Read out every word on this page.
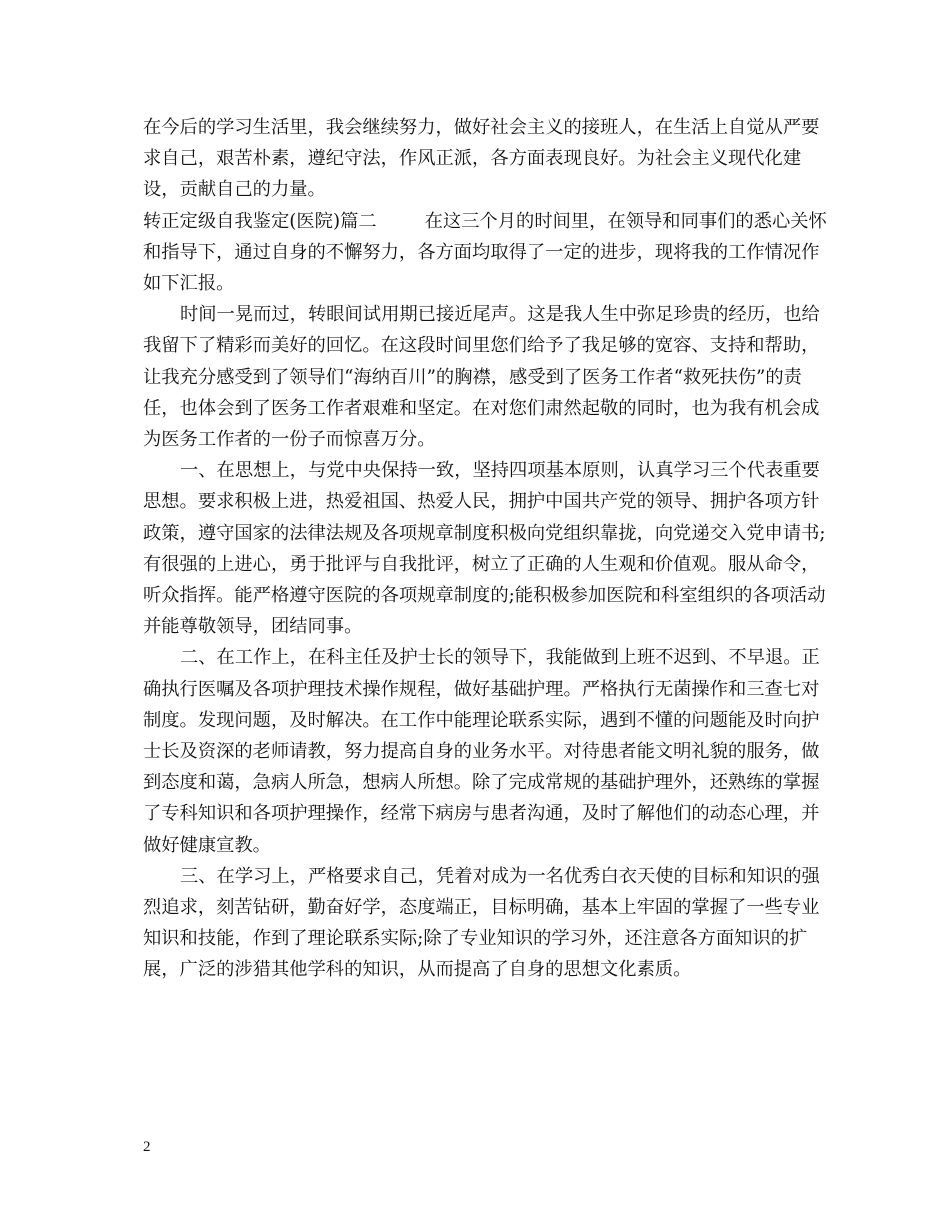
在今后的学习生活里，我会继续努力，做好社会主义的接班人，在生活上自觉从严要求自己，艰苦朴素，遵纪守法，作风正派，各方面表现良好。为社会主义现代化建设，贡献自己的力量。

转正定级自我鉴定(医院)篇二	在这三个月的时间里，在领导和同事们的悉心关怀和指导下，通过自身的不懈努力，各方面均取得了一定的进步，现将我的工作情况作如下汇报。

时间一晃而过，转眼间试用期已接近尾声。这是我人生中弥足珍贵的经历，也给我留下了精彩而美好的回忆。在这段时间里您们给予了我足够的宽容、支持和帮助，让我充分感受到了领导们“海纳百川”的胸襟，感受到了医务工作者“救死扶伤”的责任，也体会到了医务工作者艰难和坚定。在对您们肃然起敬的同时，也为我有机会成为医务工作者的一份子而惊喜万分。

一、在思想上，与党中央保持一致，坚持四项基本原则，认真学习三个代表重要思想。要求积极上进，热爱祖国、热爱人民，拥护中国共产党的领导、拥护各项方针政策，遵守国家的法律法规及各项规章制度积极向党组织靠拢，向党递交入党申请书;有很强的上进心，勇于批评与自我批评，树立了正确的人生观和价值观。服从命令，听众指挥。能严格遵守医院的各项规章制度的;能积极参加医院和科室组织的各项活动并能尊敬领导，团结同事。

二、在工作上，在科主任及护士长的领导下，我能做到上班不迟到、不早退。正确执行医嘱及各项护理技术操作规程，做好基础护理。严格执行无菌操作和三查七对制度。发现问题，及时解决。在工作中能理论联系实际，遇到不懂的问题能及时向护士长及资深的老师请教，努力提高自身的业务水平。对待患者能文明礼貌的服务，做到态度和蔼，急病人所急，想病人所想。除了完成常规的基础护理外，还熟练的掌握了专科知识和各项护理操作，经常下病房与患者沟通，及时了解他们的动态心理，并做好健康宣教。

三、在学习上，严格要求自己，凭着对成为一名优秀白衣天使的目标和知识的强烈追求，刻苦钻研，勤奋好学，态度端正，目标明确，基本上牢固的掌握了一些专业知识和技能，作到了理论联系实际;除了专业知识的学习外，还注意各方面知识的扩展，广泛的涉猎其他学科的知识，从而提高了自身的思想文化素质。

2
